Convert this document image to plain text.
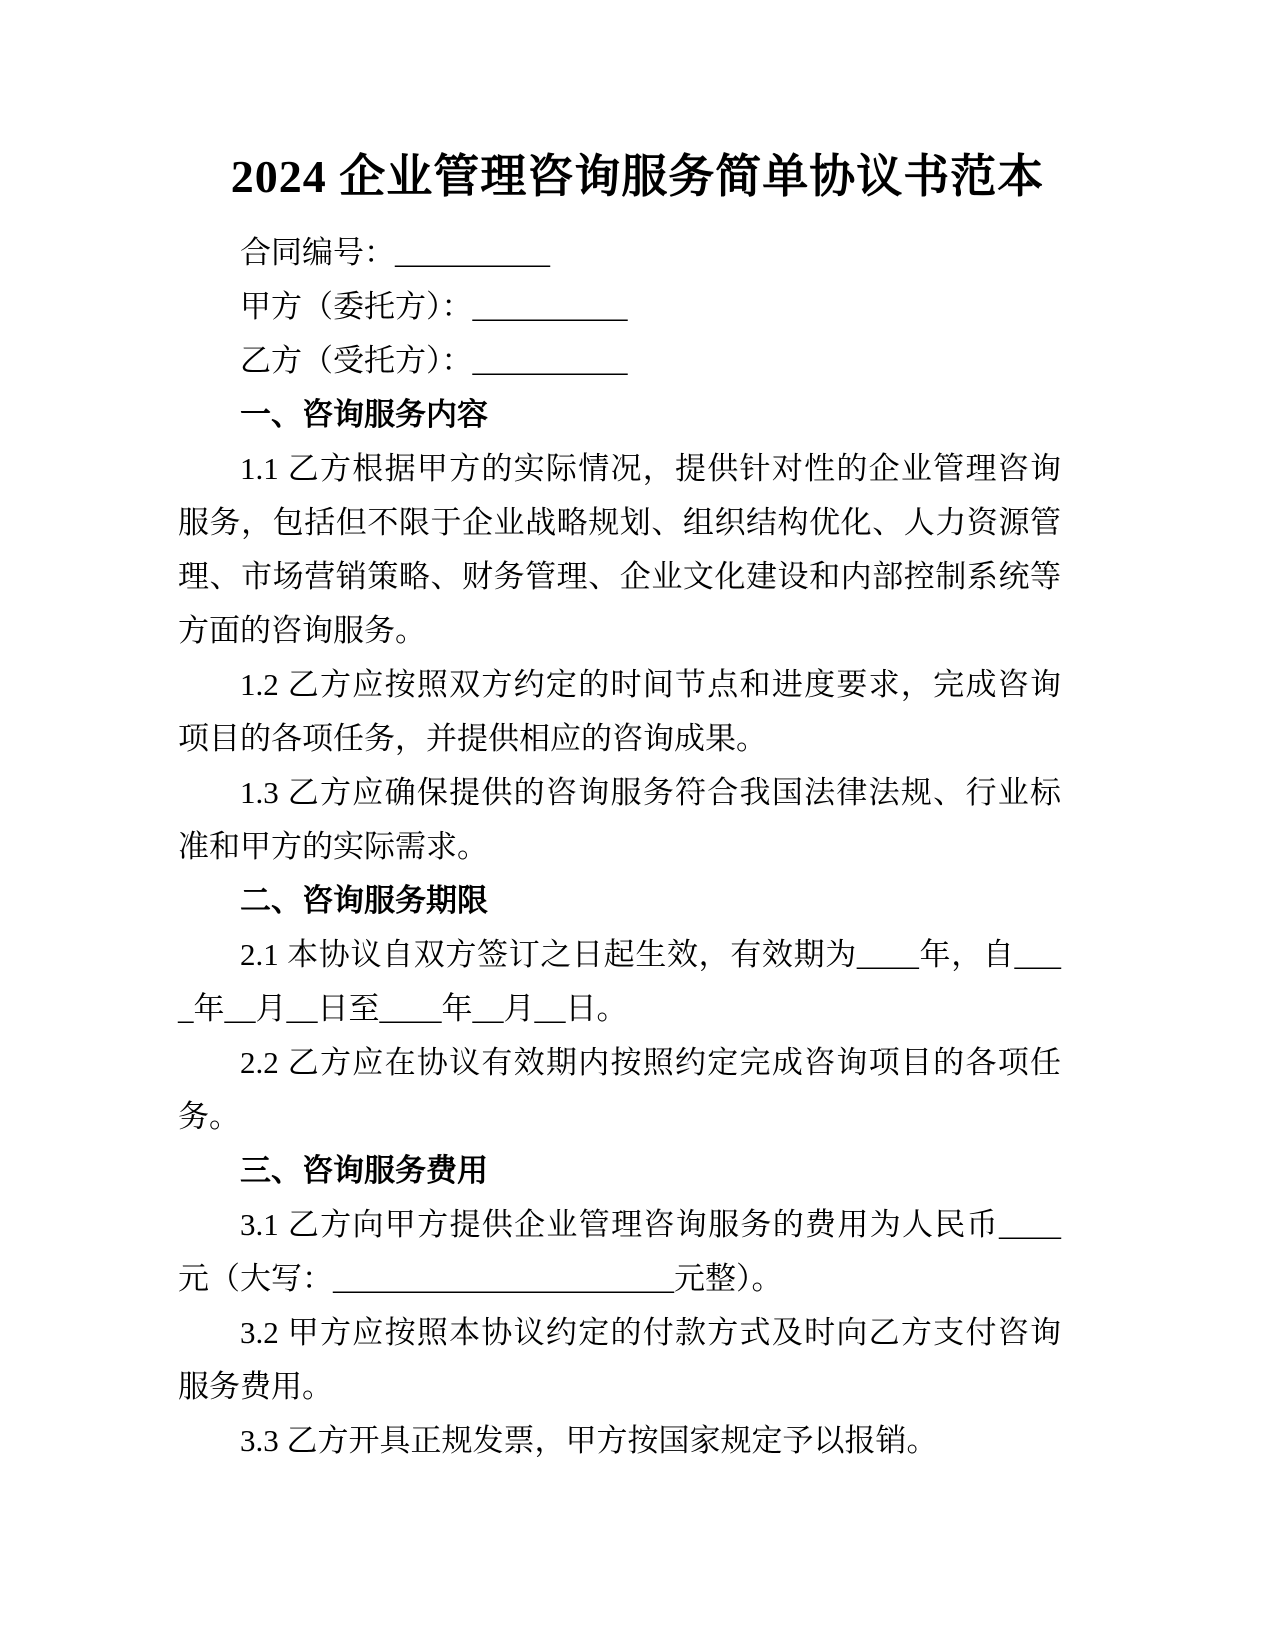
2024 企业管理咨询服务简单协议书范本

合同编号：__________

甲方（委托方）：__________

乙方（受托方）：__________

一、咨询服务内容

1.1 乙方根据甲方的实际情况，提供针对性的企业管理咨询服务，包括但不限于企业战略规划、组织结构优化、人力资源管理、市场营销策略、财务管理、企业文化建设和内部控制系统等方面的咨询服务。

1.2 乙方应按照双方约定的时间节点和进度要求，完成咨询项目的各项任务，并提供相应的咨询成果。

1.3 乙方应确保提供的咨询服务符合我国法律法规、行业标准和甲方的实际需求。

二、咨询服务期限

2.1 本协议自双方签订之日起生效，有效期为____年，自____年__月__日至____年__月__日。

2.2 乙方应在协议有效期内按照约定完成咨询项目的各项任务。

三、咨询服务费用

3.1 乙方向甲方提供企业管理咨询服务的费用为人民币____元（大写：______________________元整）。

3.2 甲方应按照本协议约定的付款方式及时向乙方支付咨询服务费用。

3.3 乙方开具正规发票，甲方按国家规定予以报销。
